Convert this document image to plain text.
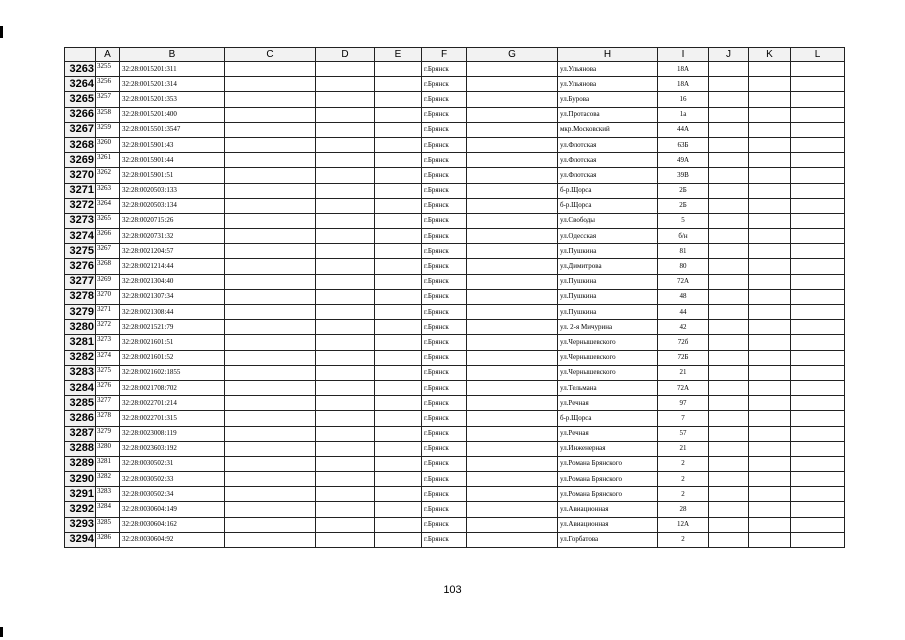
	A	B	C	D	E	F	G	H	I	J	K	L
3263	3255	32:28:0015201:311				г.Брянск		ул.Ульянова	18А			
3264	3256	32:28:0015201:314				г.Брянск		ул.Ульянова	18А			
3265	3257	32:28:0015201:353				г.Брянск		ул.Бурова	16			
3266	3258	32:28:0015201:400				г.Брянск		ул.Протасова	1а			
3267	3259	32:28:0015501:3547				г.Брянск		мкр.Московский	44А			
3268	3260	32:28:0015901:43				г.Брянск		ул.Флотская	63Б			
3269	3261	32:28:0015901:44				г.Брянск		ул.Флотская	49А			
3270	3262	32:28:0015901:51				г.Брянск		ул.Флотская	39В			
3271	3263	32:28:0020503:133				г.Брянск		б-р.Щорса	2Б			
3272	3264	32:28:0020503:134				г.Брянск		б-р.Щорса	2Б			
3273	3265	32:28:0020715:26				г.Брянск		ул.Свободы	5			
3274	3266	32:28:0020731:32				г.Брянск		ул.Одесская	б/н			
3275	3267	32:28:0021204:57				г.Брянск		ул.Пушкина	81			
3276	3268	32:28:0021214:44				г.Брянск		ул.Димитрова	80			
3277	3269	32:28:0021304:40				г.Брянск		ул.Пушкина	72А			
3278	3270	32:28:0021307:34				г.Брянск		ул.Пушкина	48			
3279	3271	32:28:0021308:44				г.Брянск		ул.Пушкина	44			
3280	3272	32:28:0021521:79				г.Брянск		ул. 2-я Мичурина	42			
3281	3273	32:28:0021601:51				г.Брянск		ул.Чернышевского	72б			
3282	3274	32:28:0021601:52				г.Брянск		ул.Чернышевского	72Б			
3283	3275	32:28:0021602:1855				г.Брянск		ул.Чернышевского	21			
3284	3276	32:28:0021708:702				г.Брянск		ул.Тельмана	72А			
3285	3277	32:28:0022701:214				г.Брянск		ул.Речная	97			
3286	3278	32:28:0022701:315				г.Брянск		б-р.Щорса	7			
3287	3279	32:28:0023008:119				г.Брянск		ул.Речная	57			
3288	3280	32:28:0023603:192				г.Брянск		ул.Инженерная	21			
3289	3281	32:28:0030502:31				г.Брянск		ул.Романа Брянского	2			
3290	3282	32:28:0030502:33				г.Брянск		ул.Романа Брянского	2			
3291	3283	32:28:0030502:34				г.Брянск		ул.Романа Брянского	2			
3292	3284	32:28:0030604:149				г.Брянск		ул.Авиационная	28			
3293	3285	32:28:0030604:162				г.Брянск		ул.Авиационная	12А			
3294	3286	32:28:0030604:92				г.Брянск		ул.Горбатова	2			
103
